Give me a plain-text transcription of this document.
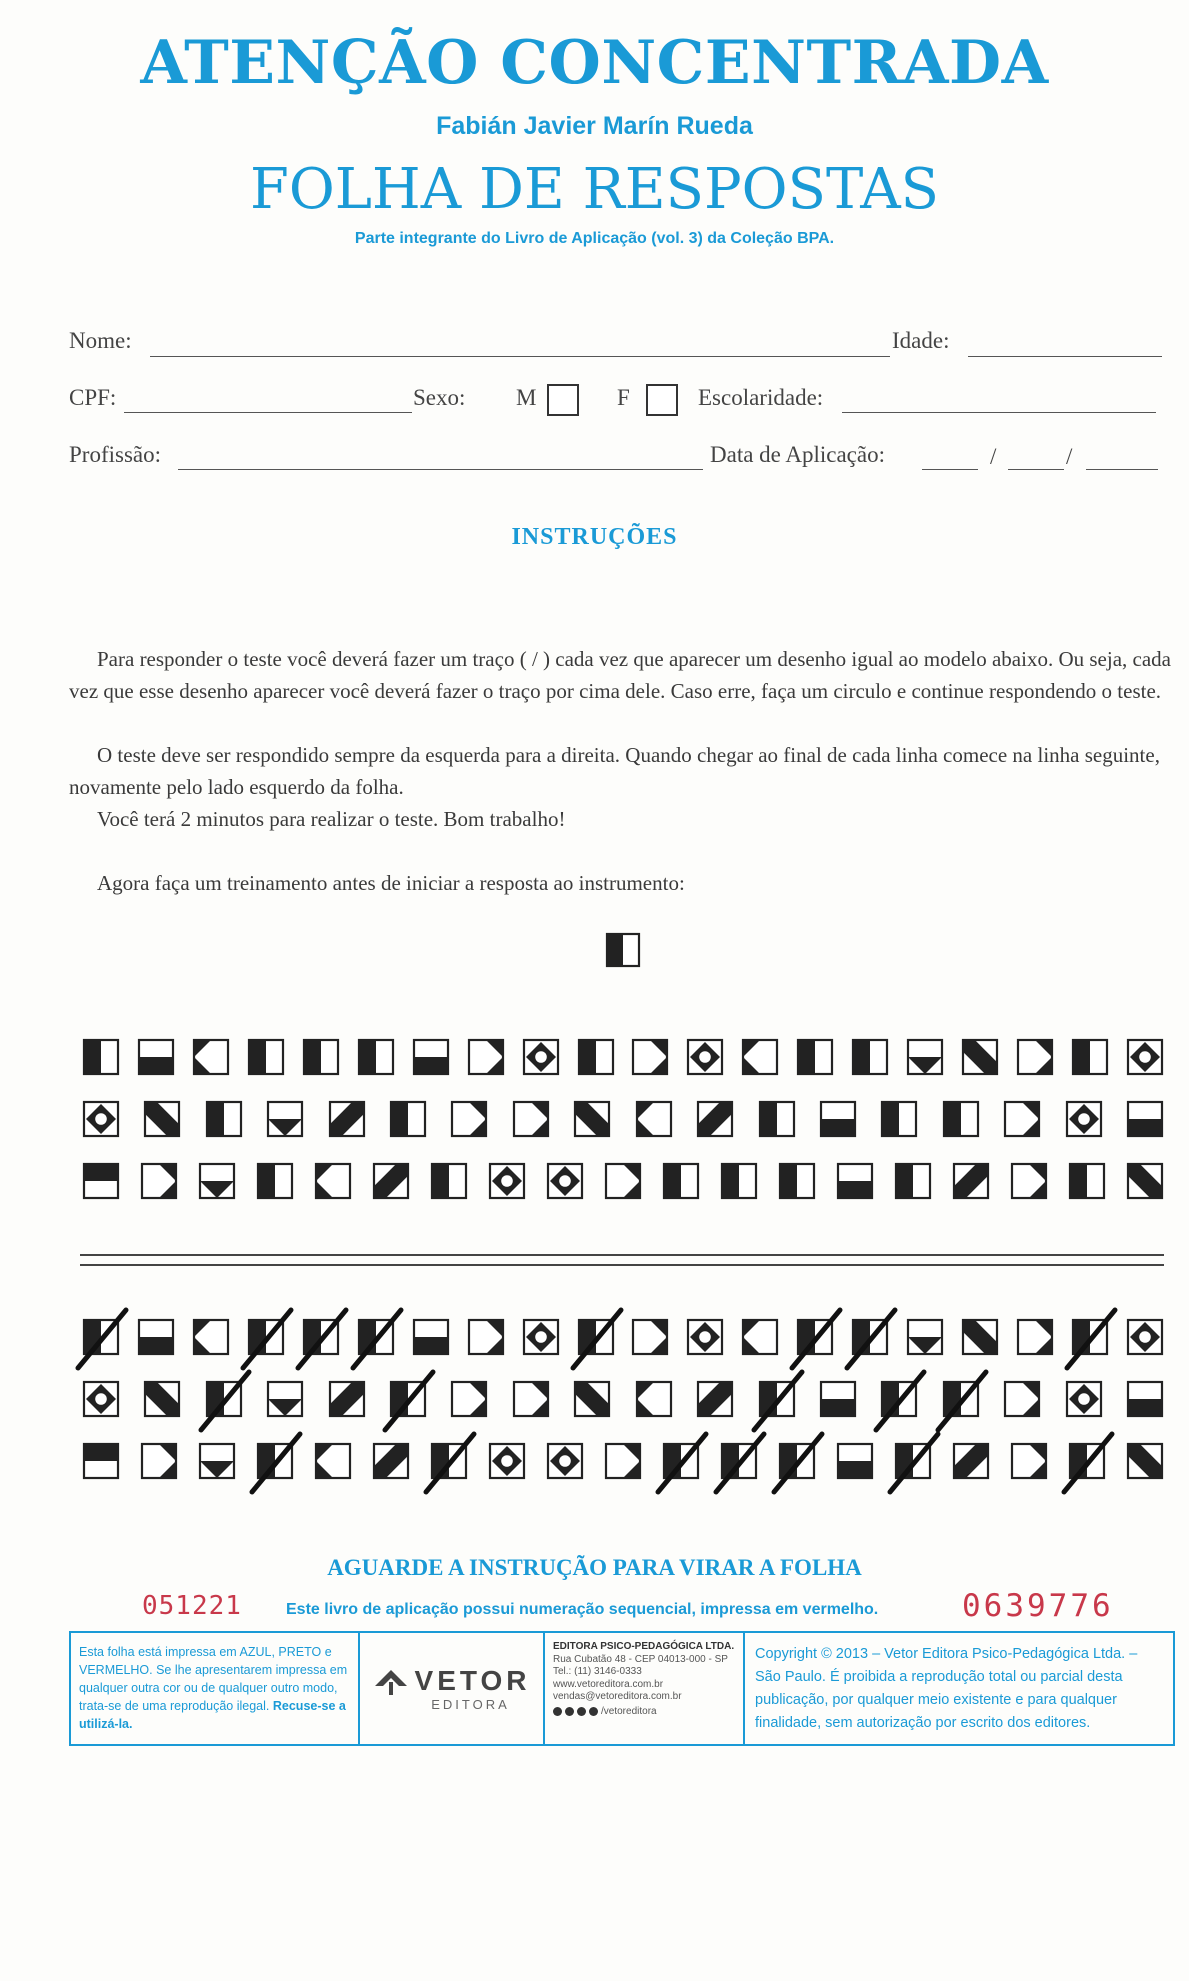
ATENÇÃO CONCENTRADA
Fabián Javier Marín Rueda
FOLHA DE RESPOSTAS
Parte integrante do Livro de Aplicação (vol. 3) da Coleção BPA.
Nome:	Idade:
CPF:	Sexo: M	F	Escolaridade:
Profissão:	Data de Aplicação:	/	/
INSTRUÇÕES
Para responder o teste você deverá fazer um traço ( / ) cada vez que aparecer um desenho igual ao modelo abaixo. Ou seja, cada vez que esse desenho aparecer você deverá fazer o traço por cima dele. Caso erre, faça um circulo e continue respondendo o teste.
O teste deve ser respondido sempre da esquerda para a direita. Quando chegar ao final de cada linha comece na linha seguinte, novamente pelo lado esquerdo da folha.
Você terá 2 minutos para realizar o teste. Bom trabalho!
Agora faça um treinamento antes de iniciar a resposta ao instrumento:
AGUARDE A INSTRUÇÃO PARA VIRAR A FOLHA
051221	Este livro de aplicação possui numeração sequencial, impressa em vermelho.	0639776
Esta folha está impressa em AZUL, PRETO e VERMELHO. Se lhe apresentarem impressa em qualquer outra cor ou de qualquer outro modo, trata-se de uma reprodução ilegal. Recuse-se a utilizá-la.
VETOR
EDITORA
EDITORA PSICO-PEDAGÓGICA LTDA.
Rua Cubatão 48 - CEP 04013-000 - SP
Tel.: (11) 3146-0333
www.vetoreditora.com.br
vendas@vetoreditora.com.br
/vetoreditora
Copyright © 2013 – Vetor Editora Psico-Pedagógica Ltda. – São Paulo. É proibida a reprodução total ou parcial desta publicação, por qualquer meio existente e para qualquer finalidade, sem autorização por escrito dos editores.
